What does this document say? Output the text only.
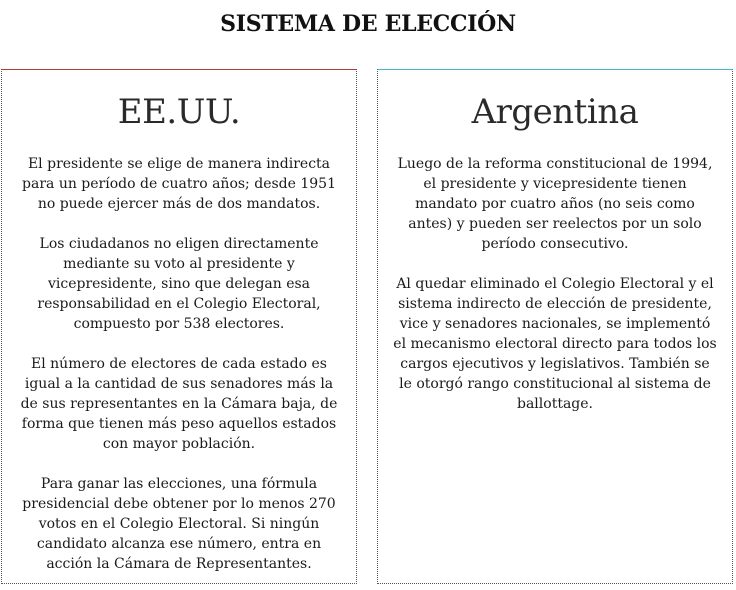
SISTEMA DE ELECCIÓN
EE.UU.

El presidente se elige de manera indirecta para un período de cuatro años; desde 1951 no puede ejercer más de dos mandatos.

Los ciudadanos no eligen directamente mediante su voto al presidente y vicepresidente, sino que delegan esa responsabilidad en el Colegio Electoral, compuesto por 538 electores.

El número de electores de cada estado es igual a la cantidad de sus senadores más la de sus representantes en la Cámara baja, de forma que tienen más peso aquellos estados con mayor población.

Para ganar las elecciones, una fórmula presidencial debe obtener por lo menos 270 votos en el Colegio Electoral. Si ningún candidato alcanza ese número, entra en acción la Cámara de Representantes.

Argentina

Luego de la reforma constitucional de 1994, el presidente y vicepresidente tienen mandato por cuatro años (no seis como antes) y pueden ser reelectos por un solo período consecutivo.

Al quedar eliminado el Colegio Electoral y el sistema indirecto de elección de presidente, vice y senadores nacionales, se implementó el mecanismo electoral directo para todos los cargos ejecutivos y legislativos. También se le otorgó rango constitucional al sistema de ballottage.
